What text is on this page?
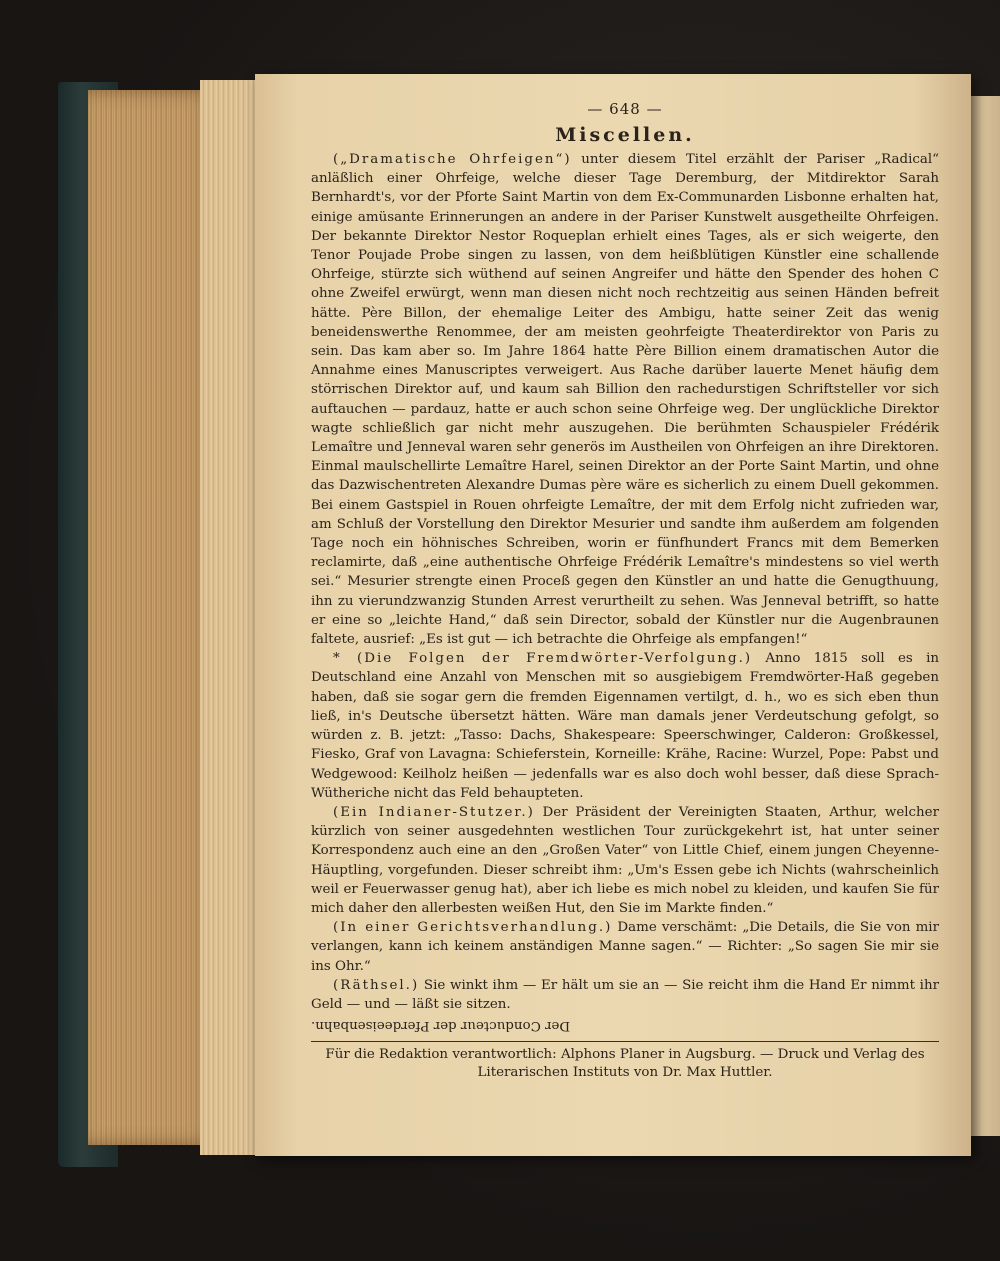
— 648 —
Miscellen.

(„Dramatische Ohrfeigen“) unter diesem Titel erzählt der Pariser „Radical“ anläßlich einer Ohrfeige, welche dieser Tage Deremburg, der Mitdirektor Sarah Bernhardt's, vor der Pforte Saint Martin von dem Ex-Communarden Lisbonne erhalten hat, einige amüsante Erinnerungen an andere in der Pariser Kunstwelt ausgetheilte Ohrfeigen. Der bekannte Direktor Nestor Roqueplan erhielt eines Tages, als er sich weigerte, den Tenor Poujade Probe singen zu lassen, von dem heißblütigen Künstler eine schallende Ohrfeige, stürzte sich wüthend auf seinen Angreifer und hätte den Spender des hohen C ohne Zweifel erwürgt, wenn man diesen nicht noch rechtzeitig aus seinen Händen befreit hätte. Père Billon, der ehemalige Leiter des Ambigu, hatte seiner Zeit das wenig beneidenswerthe Renommee, der am meisten geohrfeigte Theaterdirektor von Paris zu sein. Das kam aber so. Im Jahre 1864 hatte Père Billion einem dramatischen Autor die Annahme eines Manuscriptes verweigert. Aus Rache darüber lauerte Menet häufig dem störrischen Direktor auf, und kaum sah Billion den rachedurstigen Schriftsteller vor sich auftauchen — pardauz, hatte er auch schon seine Ohrfeige weg. Der unglückliche Direktor wagte schließlich gar nicht mehr auszugehen. Die berühmten Schauspieler Frédérik Lemaître und Jenneval waren sehr generös im Austheilen von Ohrfeigen an ihre Direktoren. Einmal maulschellirte Lemaître Harel, seinen Direktor an der Porte Saint Martin, und ohne das Dazwischentreten Alexandre Dumas père wäre es sicherlich zu einem Duell gekommen. Bei einem Gastspiel in Rouen ohrfeigte Lemaître, der mit dem Erfolg nicht zufrieden war, am Schluß der Vorstellung den Direktor Mesurier und sandte ihm außerdem am folgenden Tage noch ein höhnisches Schreiben, worin er fünfhundert Francs mit dem Bemerken reclamirte, daß „eine authentische Ohrfeige Frédérik Lemaître's mindestens so viel werth sei.“ Mesurier strengte einen Proceß gegen den Künstler an und hatte die Genugthuung, ihn zu vierundzwanzig Stunden Arrest verurtheilt zu sehen. Was Jenneval betrifft, so hatte er eine so „leichte Hand,“ daß sein Director, sobald der Künstler nur die Augenbraunen faltete, ausrief: „Es ist gut — ich betrachte die Ohrfeige als empfangen!“

* (Die Folgen der Fremdwörter-Verfolgung.) Anno 1815 soll es in Deutschland eine Anzahl von Menschen mit so ausgiebigem Fremdwörter-Haß gegeben haben, daß sie sogar gern die fremden Eigennamen vertilgt, d. h., wo es sich eben thun ließ, in's Deutsche übersetzt hätten. Wäre man damals jener Verdeutschung gefolgt, so würden z. B. jetzt: „Tasso: Dachs, Shakespeare: Speerschwinger, Calderon: Großkessel, Fiesko, Graf von Lavagna: Schieferstein, Korneille: Krähe, Racine: Wurzel, Pope: Pabst und Wedgewood: Keilholz heißen — jedenfalls war es also doch wohl besser, daß diese Sprach-Wütheriche nicht das Feld behaupteten.

(Ein Indianer-Stutzer.) Der Präsident der Vereinigten Staaten, Arthur, welcher kürzlich von seiner ausgedehnten westlichen Tour zurückgekehrt ist, hat unter seiner Korrespondenz auch eine an den „Großen Vater“ von Little Chief, einem jungen Cheyenne-Häuptling, vorgefunden. Dieser schreibt ihm: „Um's Essen gebe ich Nichts (wahrscheinlich weil er Feuerwasser genug hat), aber ich liebe es mich nobel zu kleiden, und kaufen Sie für mich daher den allerbesten weißen Hut, den Sie im Markte finden.“

(In einer Gerichtsverhandlung.) Dame verschämt: „Die Details, die Sie von mir verlangen, kann ich keinem anständigen Manne sagen.“ — Richter: „So sagen Sie mir sie ins Ohr.“

(Räthsel.) Sie winkt ihm — Er hält um sie an — Sie reicht ihm die Hand Er nimmt ihr Geld — und — läßt sie sitzen.

Der Conducteur der Pferdeeisenbahn.
Für die Redaktion verantwortlich: Alphons Planer in Augsburg. — Druck und Verlag des
Literarischen Instituts von Dr. Max Huttler.
